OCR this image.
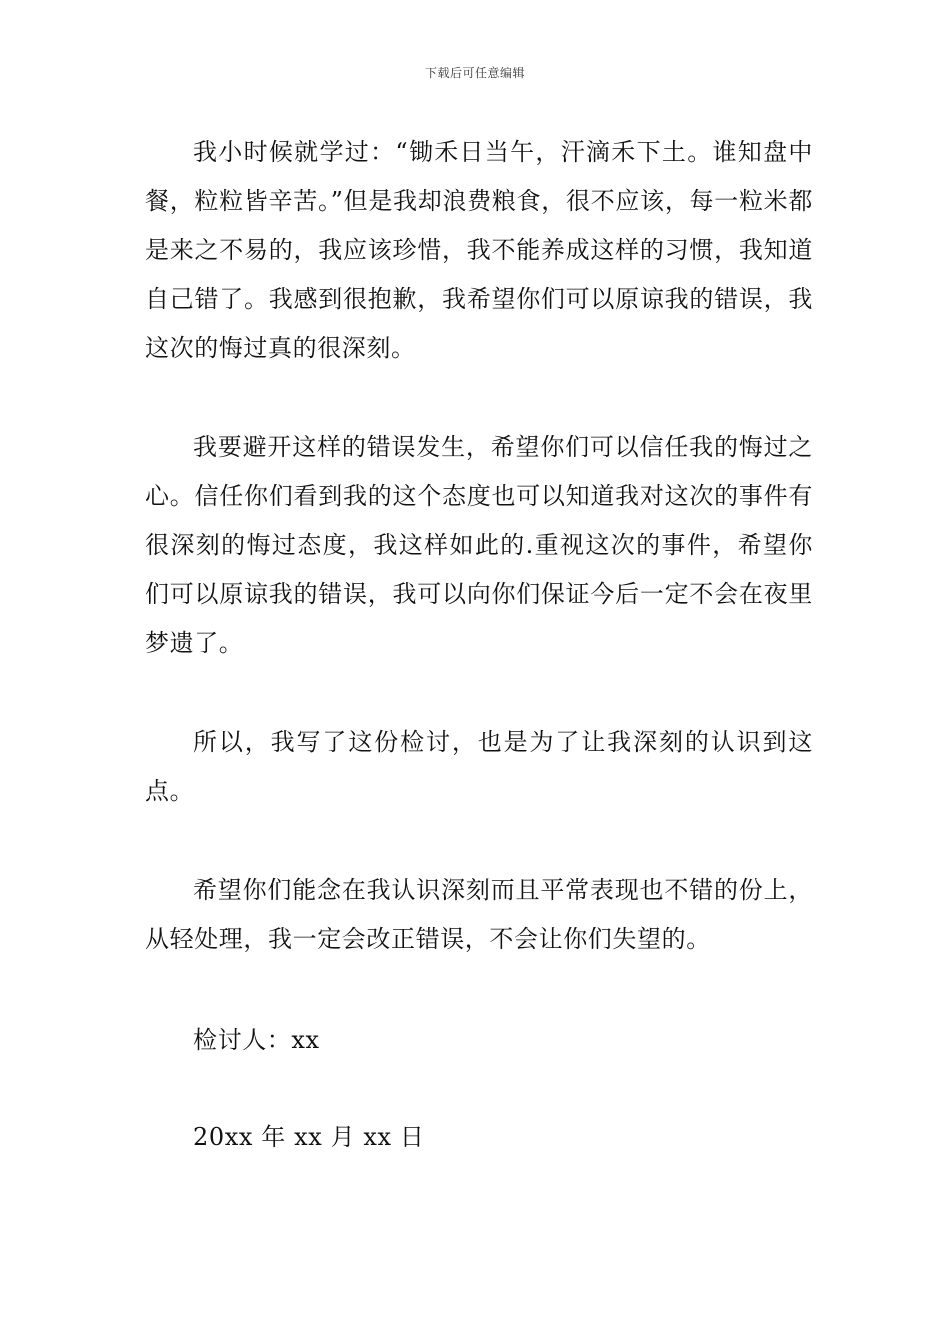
下载后可任意编辑

我小时候就学过：“锄禾日当午，汗滴禾下土。谁知盘中餐，粒粒皆辛苦。”但是我却浪费粮食，很不应该，每一粒米都是来之不易的，我应该珍惜，我不能养成这样的习惯，我知道自己错了。我感到很抱歉，我希望你们可以原谅我的错误，我这次的悔过真的很深刻。

我要避开这样的错误发生，希望你们可以信任我的悔过之心。信任你们看到我的这个态度也可以知道我对这次的事件有很深刻的悔过态度，我这样如此的.重视这次的事件，希望你们可以原谅我的错误，我可以向你们保证今后一定不会在夜里梦遗了。

所以，我写了这份检讨，也是为了让我深刻的认识到这点。

希望你们能念在我认识深刻而且平常表现也不错的份上，从轻处理，我一定会改正错误，不会让你们失望的。

检讨人：xx

20xx 年 xx 月 xx 日
